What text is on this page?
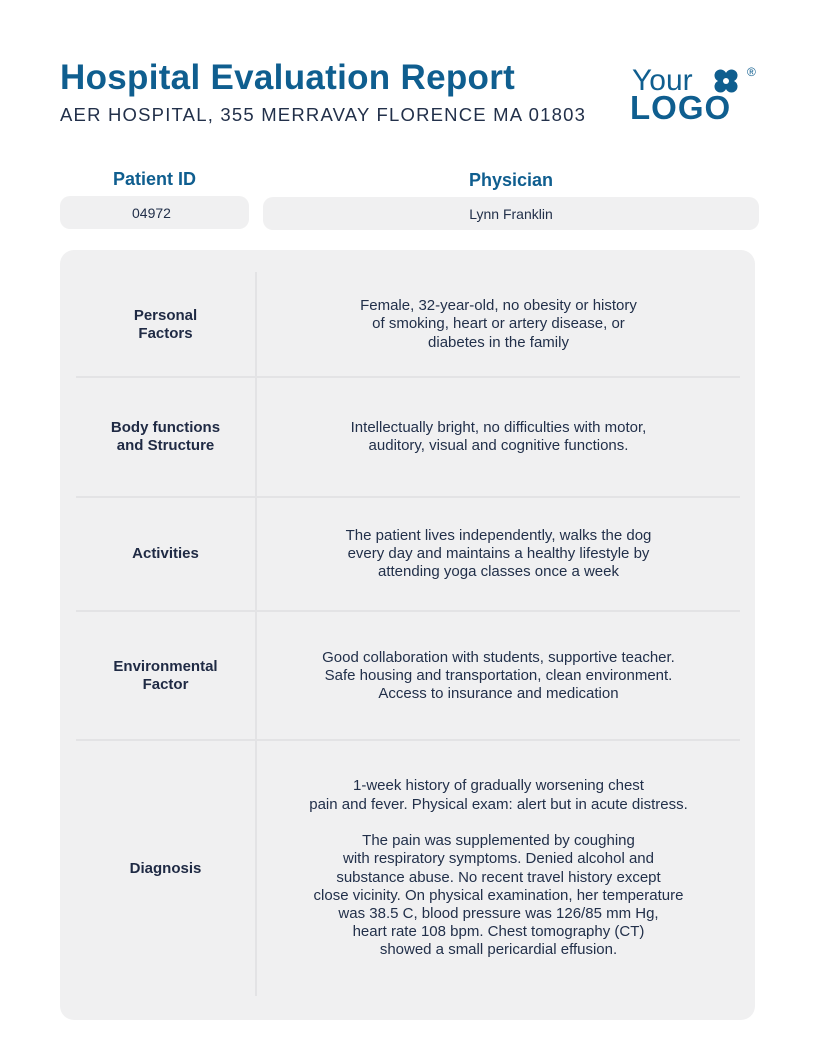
Hospital Evaluation Report
AER HOSPITAL, 355 MERRAVAY FLORENCE MA 01803
Your	®
LOGO
Patient ID
04972
Physician
Lynn Franklin
Personal
Factors
Female, 32-year-old, no obesity or history
of smoking, heart or artery disease, or
diabetes in the family
Body functions
and Structure
Intellectually bright, no difficulties with motor,
auditory, visual and cognitive functions.
Activities
The patient lives independently, walks the dog
every day and maintains a healthy lifestyle by
attending yoga classes once a week
Environmental
Factor
Good collaboration with students, supportive teacher.
Safe housing and transportation, clean environment.
Access to insurance and medication
Diagnosis
1-week history of gradually worsening chest
pain and fever. Physical exam: alert but in acute distress.

The pain was supplemented by coughing
with respiratory symptoms. Denied alcohol and
substance abuse. No recent travel history except
close vicinity. On physical examination, her temperature
was 38.5 C, blood pressure was 126/85 mm Hg,
heart rate 108 bpm. Chest tomography (CT)
showed a small pericardial effusion.
